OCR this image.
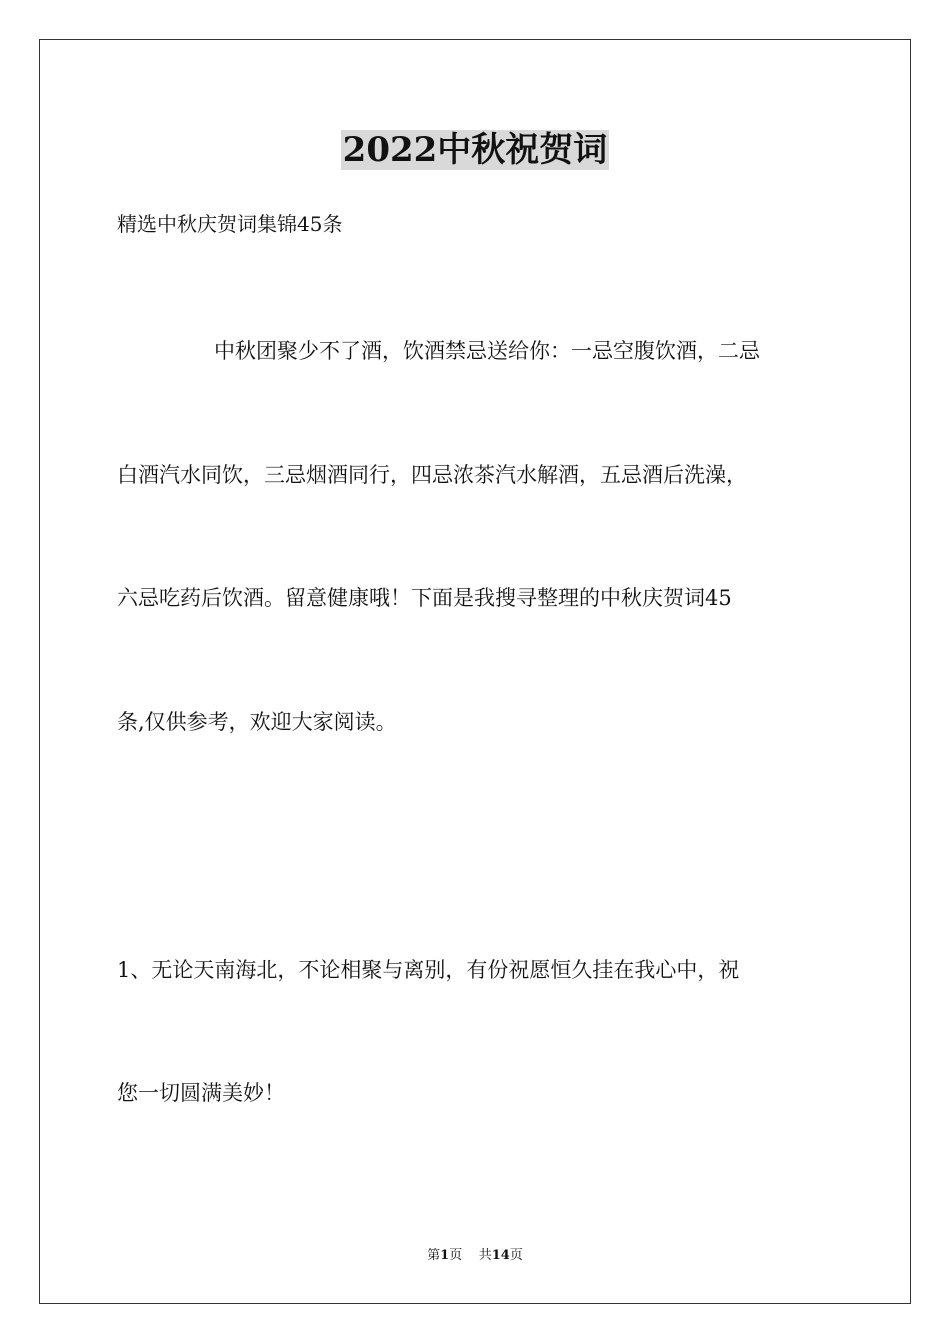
2022中秋祝贺词
精选中秋庆贺词集锦45条
中秋团聚少不了酒，饮酒禁忌送给你：一忌空腹饮酒，二忌
白酒汽水同饮，三忌烟酒同行，四忌浓茶汽水解酒，五忌酒后洗澡，
六忌吃药后饮酒。留意健康哦！下面是我搜寻整理的中秋庆贺词45
条,仅供参考，欢迎大家阅读。
1、无论天南海北，不论相聚与离别，有份祝愿恒久挂在我心中，祝
您一切圆满美妙！
第1页 共14页
